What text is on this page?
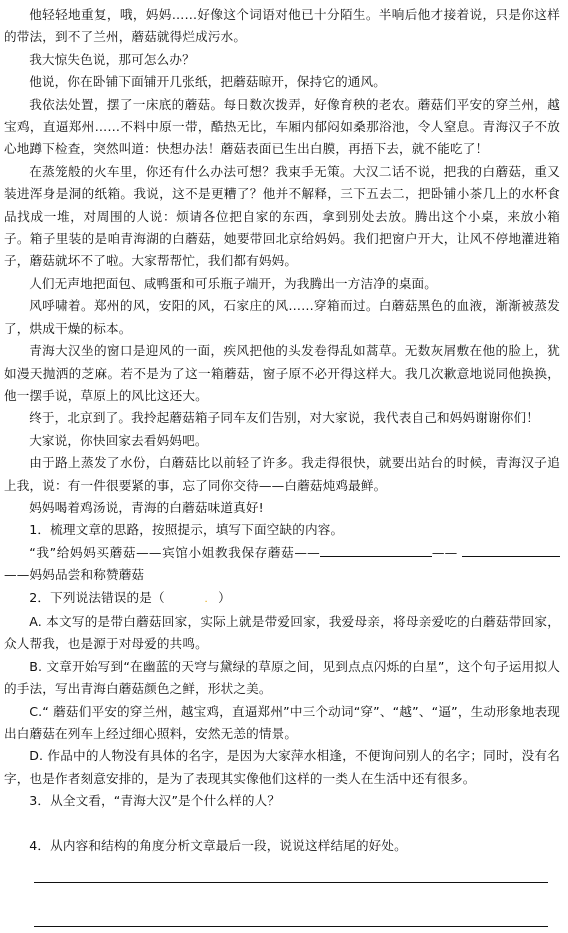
他轻轻地重复，哦，妈妈……好像这个词语对他已十分陌生。半响后他才接着说，只是你这样的带法，到不了兰州，蘑菇就得烂成污水。

我大惊失色说，那可怎么办？

他说，你在卧铺下面铺开几张纸，把蘑菇晾开，保持它的通风。

我依法处置，摆了一床底的蘑菇。每日数次拨弄，好像育秧的老农。蘑菇们平安的穿兰州，越宝鸡，直逼郑州……不料中原一带，酷热无比，车厢内郁闷如桑那浴池，令人窒息。青海汉子不放心地蹲下检查，突然叫道：快想办法！蘑菇表面已生出白膜，再捂下去，就不能吃了！

在蒸笼般的火车里，你还有什么办法可想？我束手无策。大汉二话不说，把我的白蘑菇，重又装进浑身是洞的纸箱。我说，这不是更糟了？他并不解释，三下五去二，把卧铺小茶几上的水杯食品找成一堆，对周围的人说：烦请各位把自家的东西，拿到别处去放。腾出这个小桌，来放小箱子。箱子里装的是咱青海湖的白蘑菇，她要带回北京给妈妈。我们把窗户开大，让风不停地灌进箱子，蘑菇就坏不了啦。大家帮帮忙，我们都有妈妈。

人们无声地把面包、咸鸭蛋和可乐瓶子端开，为我腾出一方洁净的桌面。

风呼啸着。郑州的风，安阳的风，石家庄的风……穿箱而过。白蘑菇黑色的血液，渐渐被蒸发了，烘成干燥的标本。

青海大汉坐的窗口是迎风的一面，疾风把他的头发卷得乱如蒿草。无数灰屑敷在他的脸上，犹如漫天抛洒的芝麻。若不是为了这一箱蘑菇，窗子原不必开得这样大。我几次歉意地说同他换换，他一摆手说，草原上的风比这还大。

终于，北京到了。我拎起蘑菇箱子同车友们告别，对大家说，我代表自己和妈妈谢谢你们！

大家说，你快回家去看妈妈吧。

由于路上蒸发了水份，白蘑菇比以前轻了许多。我走得很快，就要出站台的时候，青海汉子追上我，说：有一件很要紧的事，忘了同你交待——白蘑菇炖鸡最鲜。

妈妈喝着鸡汤说，青海的白蘑菇味道真好!

1．梳理文章的思路，按照提示，填写下面空缺的内容。

“我”给妈妈买蘑菇——宾馆小姐教我保存蘑菇——	—— ——妈妈品尝和称赞蘑菇

2．下列说法错误的是（	. ）

A. 本文写的是带白蘑菇回家，实际上就是带爱回家，我爱母亲，将母亲爱吃的白蘑菇带回家，众人帮我，也是源于对母爱的共鸣。

B. 文章开始写到“在幽蓝的天穹与黛绿的草原之间，见到点点闪烁的白星”，这个句子运用拟人的手法，写出青海白蘑菇颜色之鲜，形状之美。

C.“ 蘑菇们平安的穿兰州，越宝鸡，直逼郑州”中三个动词“穿”、“越”、“逼”，生动形象地表现出白蘑菇在列车上经过细心照料，安然无恙的情景。

D. 作品中的人物没有具体的名字，是因为大家萍水相逢，不便询问别人的名字；同时，没有名字，也是作者刻意安排的，是为了表现其实像他们这样的一类人在生活中还有很多。

3．从全文看，“青海大汉”是个什么样的人？

4．从内容和结构的角度分析文章最后一段，说说这样结尾的好处。
